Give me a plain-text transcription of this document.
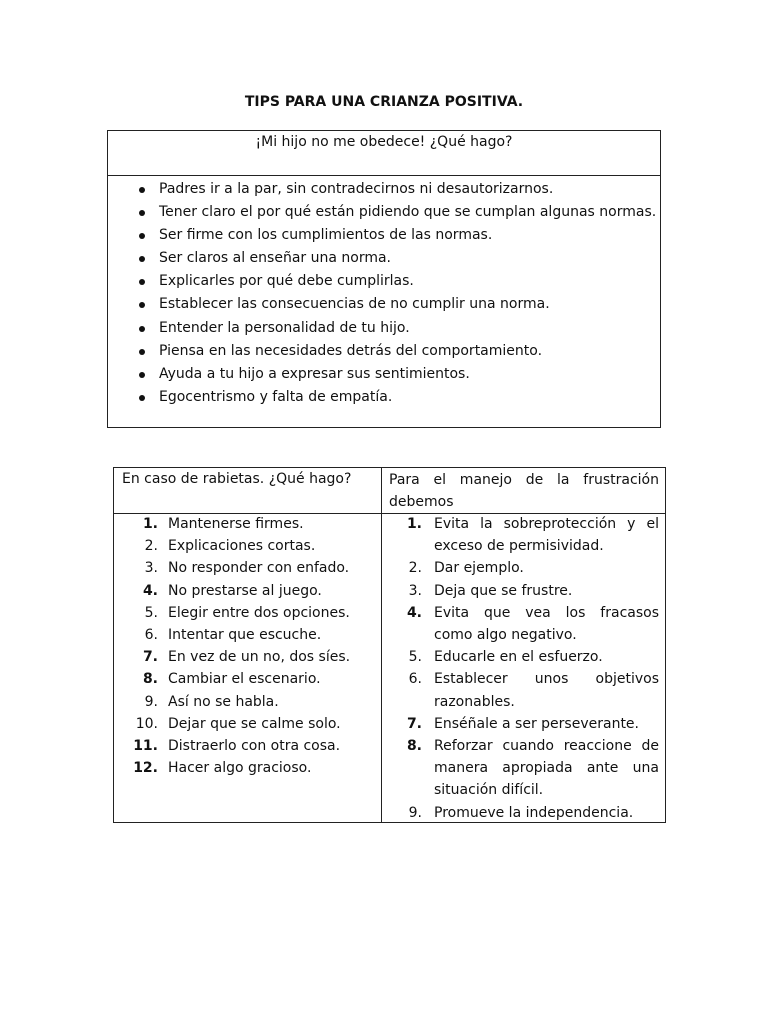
TIPS PARA UNA CRIANZA POSITIVA.
¡Mi hijo no me obedece! ¿Qué hago?
Padres ir a la par, sin contradecirnos ni desautorizarnos.
Tener claro el por qué están pidiendo que se cumplan algunas normas.
Ser firme con los cumplimientos de las normas.
Ser claros al enseñar una norma.
Explicarles por qué debe cumplirlas.
Establecer las consecuencias de no cumplir una norma.
Entender la personalidad de tu hijo.
Piensa en las necesidades detrás del comportamiento.
Ayuda a tu hijo a expresar sus sentimientos.
Egocentrismo y falta de empatía.
En caso de rabietas. ¿Qué hago?	Para el manejo de la frustración
debemos
1. Mantenerse firmes.
2. Explicaciones cortas.
3. No responder con enfado.
4. No prestarse al juego.
5. Elegir entre dos opciones.
6. Intentar que escuche.
7. En vez de un no, dos síes.
8. Cambiar el escenario.
9. Así no se habla.
10. Dejar que se calme solo.
11. Distraerlo con otra cosa.
12. Hacer algo gracioso.
1. Evita la sobreprotección y el exceso de permisividad.
2. Dar ejemplo.
3. Deja que se frustre.
4. Evita que vea los fracasos como algo negativo.
5. Educarle en el esfuerzo.
6. Establecer unos objetivos razonables.
7. Enséñale a ser perseverante.
8. Reforzar cuando reaccione de manera apropiada ante una situación difícil.
9. Promueve la independencia.
